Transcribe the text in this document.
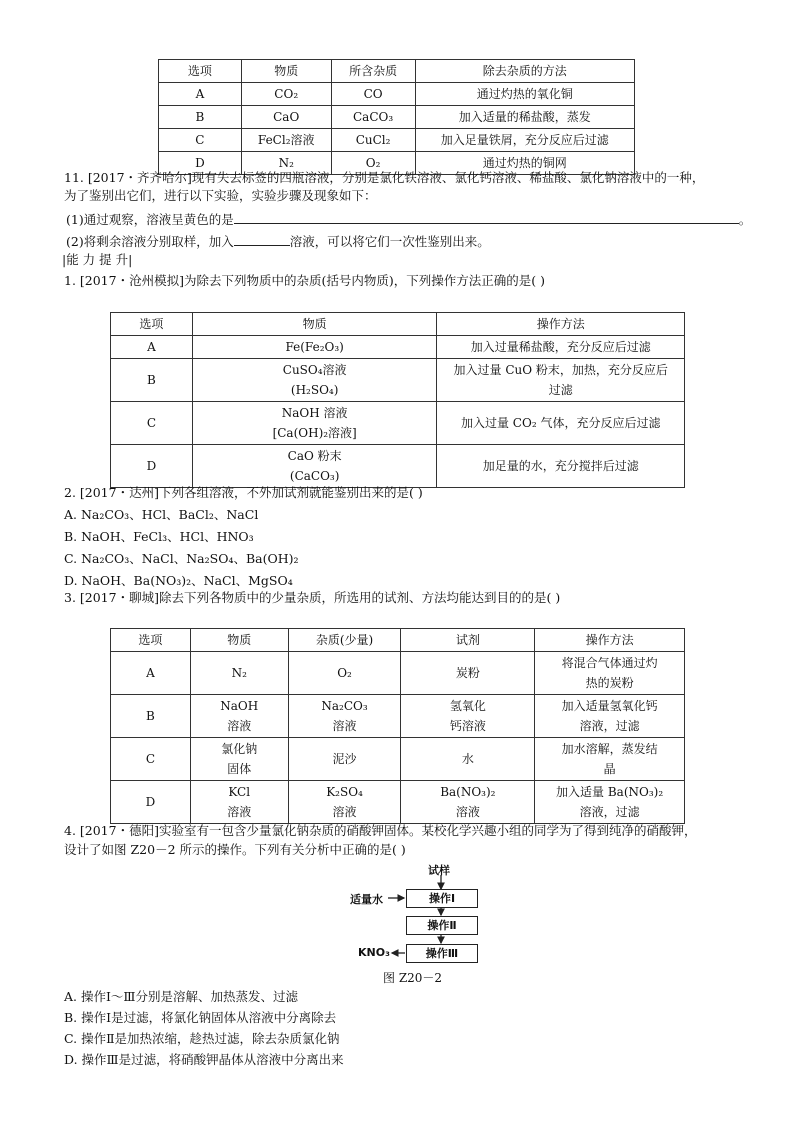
选项	物质	所含杂质	除去杂质的方法
A	CO₂	CO	通过灼热的氧化铜
B	CaO	CaCO₃	加入适量的稀盐酸，蒸发
C	FeCl₂溶液	CuCl₂	加入足量铁屑，充分反应后过滤
D	N₂	O₂	通过灼热的铜网
11. [2017・齐齐哈尔]现有失去标签的四瓶溶液，分别是氯化铁溶液、氯化钙溶液、稀盐酸、氯化钠溶液中的一种，
为了鉴别出它们，进行以下实验，实验步骤及现象如下：
(1)通过观察，溶液呈黄色的是	。
(2)将剩余溶液分别取样，加入	溶液，可以将它们一次性鉴别出来。
|能 力 提 升|
1. [2017・沧州模拟]为除去下列物质中的杂质(括号内物质)，下列操作方法正确的是( )
选项	物质	操作方法
A	Fe(Fe₂O₃)	加入过量稀盐酸，充分反应后过滤
B	CuSO₄溶液
(H₂SO₄)	加入过量 CuO 粉末，加热，充分反应后
过滤
C	NaOH 溶液
[Ca(OH)₂溶液]	加入过量 CO₂ 气体，充分反应后过滤
D	CaO 粉末
(CaCO₃)	加足量的水，充分搅拌后过滤
2. [2017・达州]下列各组溶液，不外加试剂就能鉴别出来的是( )
A. Na₂CO₃、HCl、BaCl₂、NaCl
B. NaOH、FeCl₃、HCl、HNO₃
C. Na₂CO₃、NaCl、Na₂SO₄、Ba(OH)₂
D. NaOH、Ba(NO₃)₂、NaCl、MgSO₄
3. [2017・聊城]除去下列各物质中的少量杂质，所选用的试剂、方法均能达到目的的是( )
选项	物质	杂质(少量)	试剂	操作方法
A	N₂	O₂	炭粉	将混合气体通过灼
热的炭粉
B	NaOH
溶液	Na₂CO₃
溶液	氢氧化
钙溶液	加入适量氢氧化钙
溶液，过滤
C	氯化钠
固体	泥沙	水	加水溶解，蒸发结
晶
D	KCl
溶液	K₂SO₄
溶液	Ba(NO₃)₂
溶液	加入适量 Ba(NO₃)₂
溶液，过滤
4. [2017・德阳]实验室有一包含少量氯化钠杂质的硝酸钾固体。某校化学兴趣小组的同学为了得到纯净的硝酸钾，
设计了如图 Z20－2 所示的操作。下列有关分析中正确的是( )
试样
适量水	操作Ⅰ
操作Ⅱ
操作Ⅲ
KNO₃
图 Z20－2
A. 操作Ⅰ～Ⅲ分别是溶解、加热蒸发、过滤
B. 操作Ⅰ是过滤，将氯化钠固体从溶液中分离除去
C. 操作Ⅱ是加热浓缩，趁热过滤，除去杂质氯化钠
D. 操作Ⅲ是过滤，将硝酸钾晶体从溶液中分离出来
